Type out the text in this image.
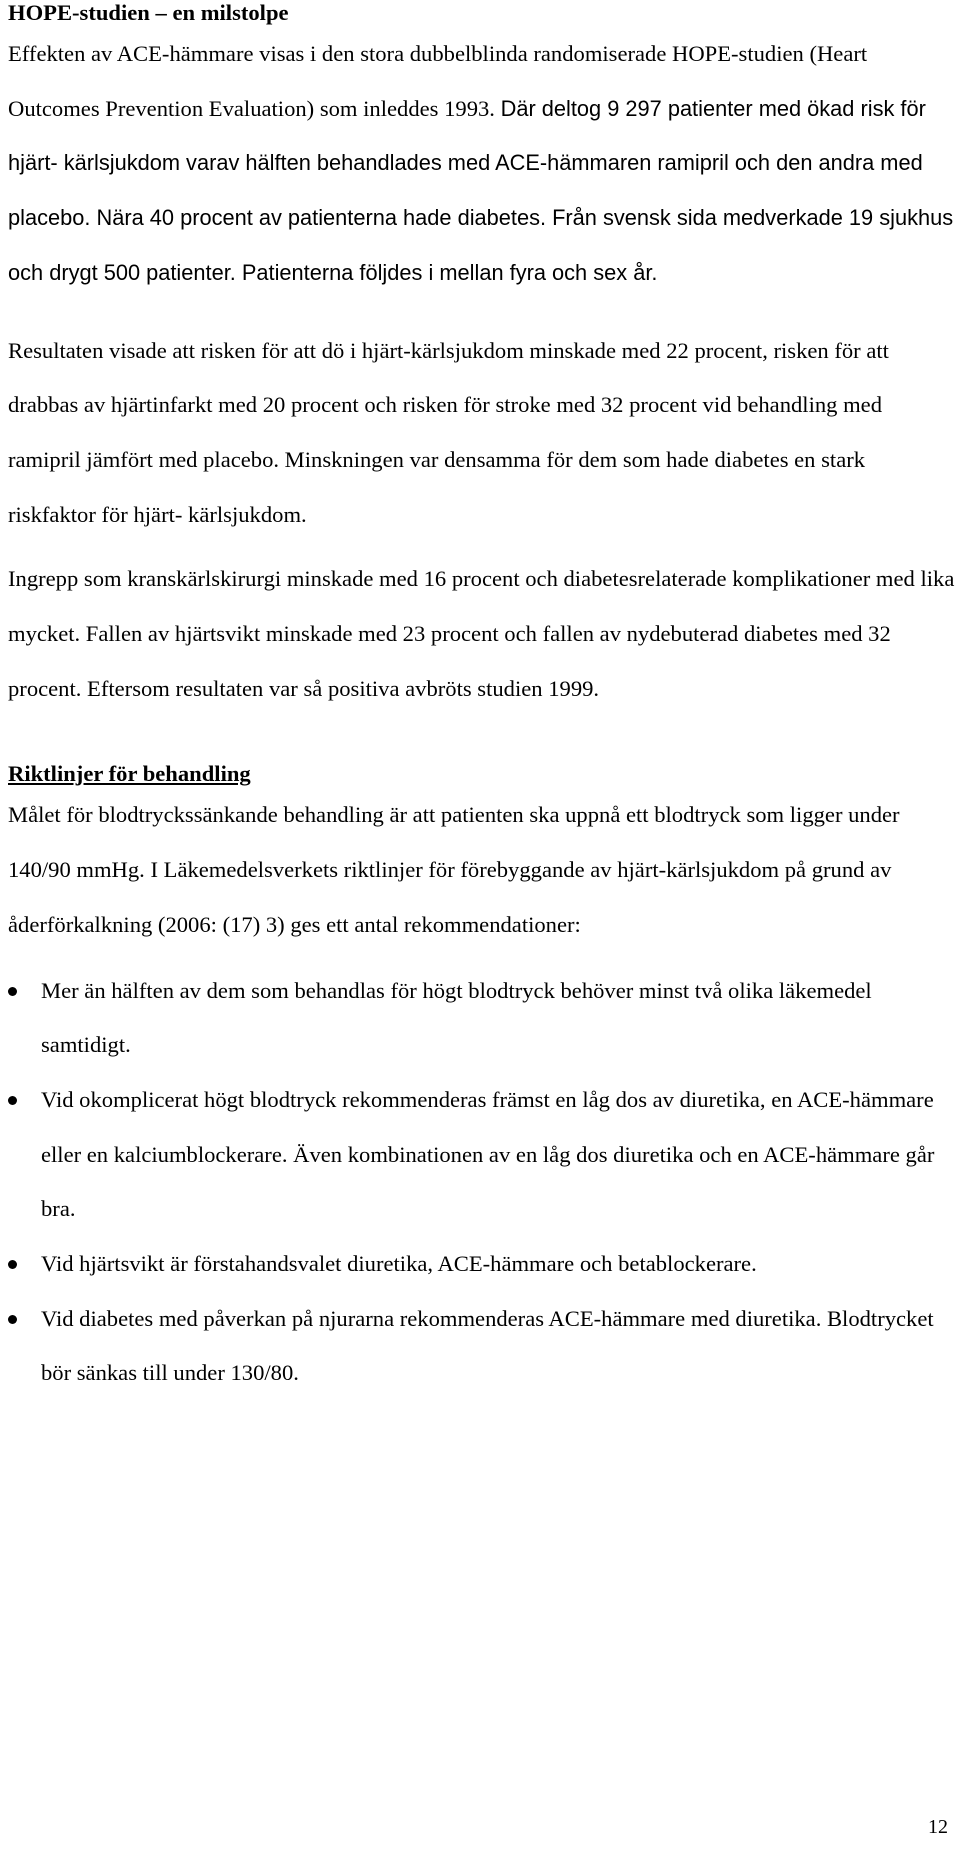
HOPE-studien – en milstolpe

Effekten av ACE-hämmare visas i den stora dubbelblinda randomiserade HOPE-studien (Heart Outcomes Prevention Evaluation) som inleddes 1993. Där deltog 9 297 patienter med ökad risk för hjärt- kärlsjukdom varav hälften behandlades med ACE-hämmaren ramipril och den andra med placebo. Nära 40 procent av patienterna hade diabetes. Från svensk sida medverkade 19 sjukhus och drygt 500 patienter. Patienterna följdes i mellan fyra och sex år.

Resultaten visade att risken för att dö i hjärt-kärlsjukdom minskade med 22 procent, risken för att drabbas av hjärtinfarkt med 20 procent och risken för stroke med 32 procent vid behandling med ramipril jämfört med placebo. Minskningen var densamma för dem som hade diabetes en stark riskfaktor för hjärt- kärlsjukdom.

Ingrepp som kranskärlskirurgi minskade med 16 procent och diabetesrelaterade komplikationer med lika mycket. Fallen av hjärtsvikt minskade med 23 procent och fallen av nydebuterad diabetes med 32 procent. Eftersom resultaten var så positiva avbröts studien 1999.

Riktlinjer för behandling

Målet för blodtryckssänkande behandling är att patienten ska uppnå ett blodtryck som ligger under 140/90 mmHg. I Läkemedelsverkets riktlinjer för förebyggande av hjärt-kärlsjukdom på grund av åderförkalkning (2006: (17) 3) ges ett antal rekommendationer:

Mer än hälften av dem som behandlas för högt blodtryck behöver minst två olika läkemedel samtidigt.
Vid okomplicerat högt blodtryck rekommenderas främst en låg dos av diuretika, en ACE-hämmare eller en kalciumblockerare. Även kombinationen av en låg dos diuretika och en ACE-hämmare går bra.
Vid hjärtsvikt är förstahandsvalet diuretika, ACE-hämmare och betablockerare.
Vid diabetes med påverkan på njurarna rekommenderas ACE-hämmare med diuretika. Blodtrycket bör sänkas till under 130/80.
12
